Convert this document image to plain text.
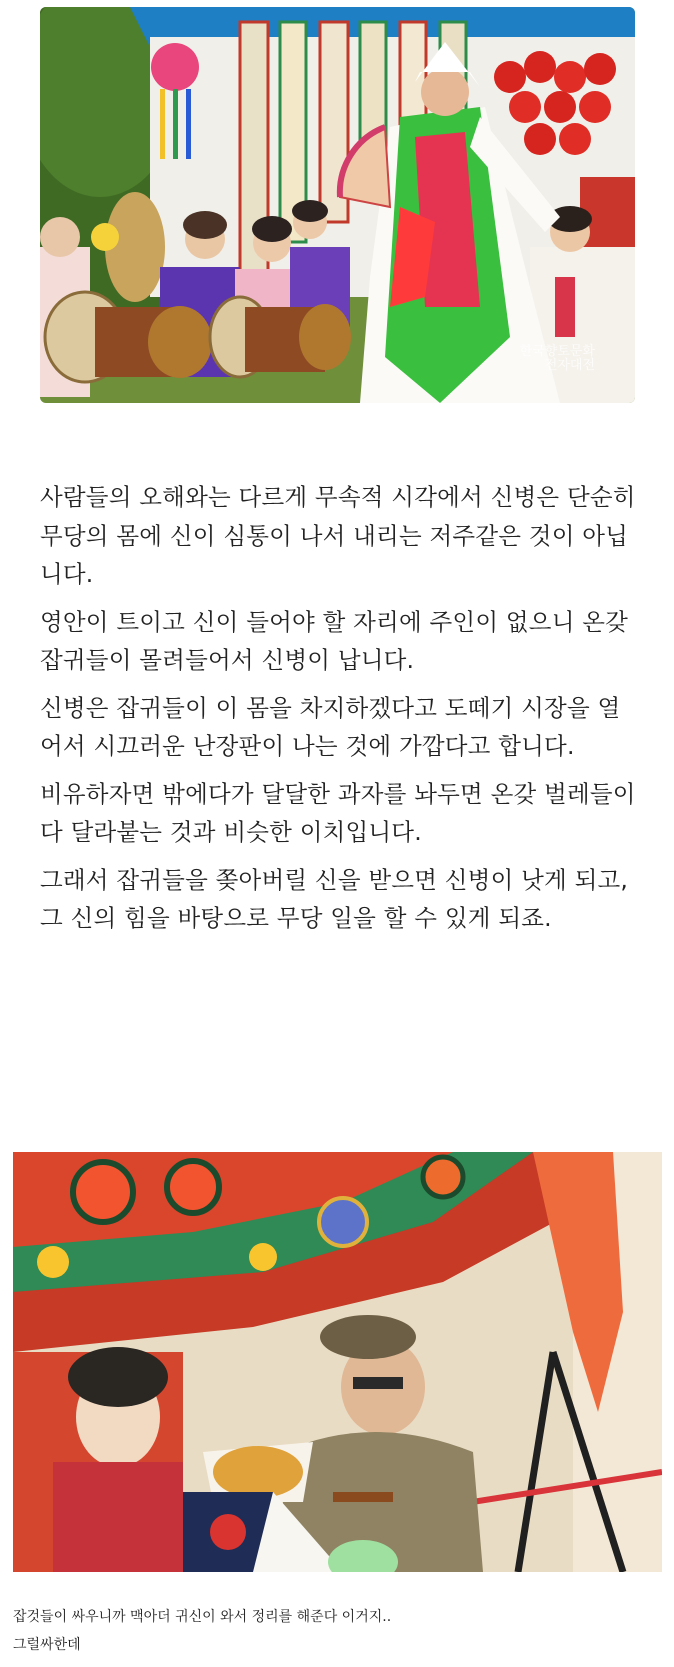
한국향토문화
전자대전

사람들의 오해와는 다르게 무속적 시각에서 신병은 단순히 무당의 몸에 신이 심통이 나서 내리는 저주같은 것이 아닙니다.

영안이 트이고 신이 들어야 할 자리에 주인이 없으니 온갖 잡귀들이 몰려들어서 신병이 납니다.

신병은 잡귀들이 이 몸을 차지하겠다고 도떼기 시장을 열어서 시끄러운 난장판이 나는 것에 가깝다고 합니다.

비유하자면 밖에다가 달달한 과자를 놔두면 온갖 벌레들이 다 달라붙는 것과 비슷한 이치입니다.

그래서 잡귀들을 쫒아버릴 신을 받으면 신병이 낫게 되고, 그 신의 힘을 바탕으로 무당 일을 할 수 있게 되죠.

잡것들이 싸우니까 맥아더 귀신이 와서 정리를 해준다 이거지..

그럴싸한데
